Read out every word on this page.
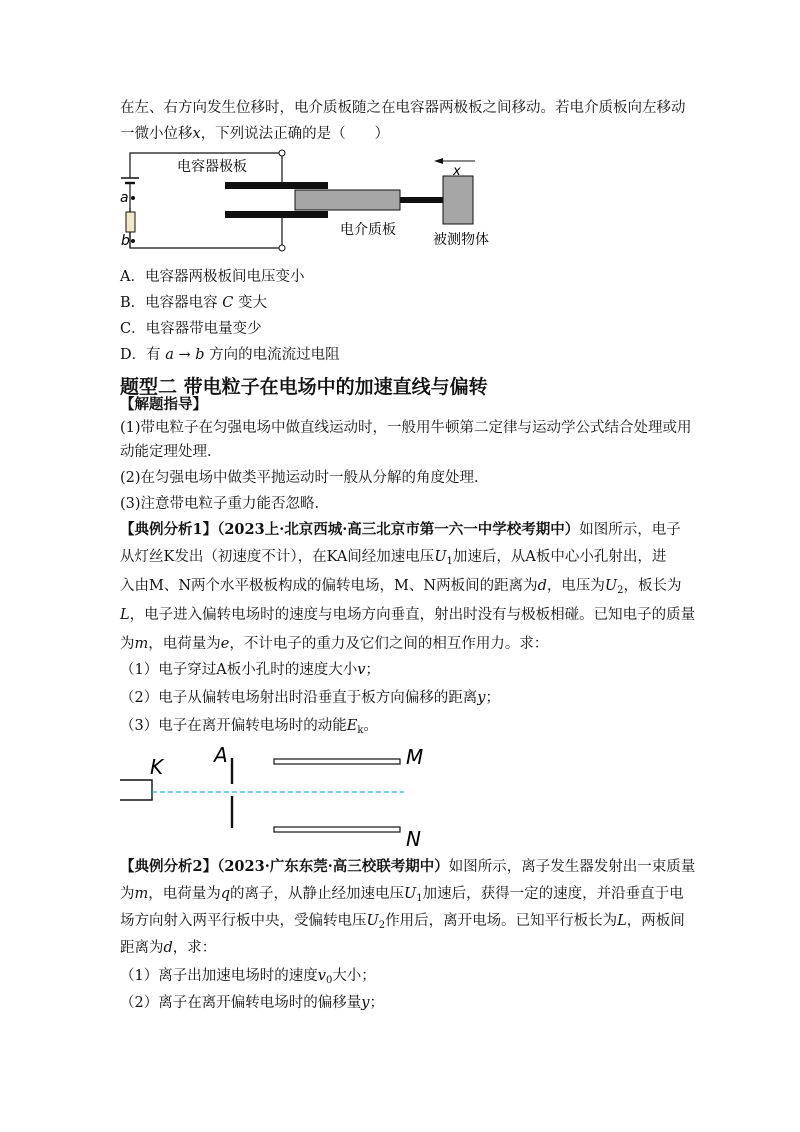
在左、右方向发生位移时，电介质板随之在电容器两极板之间移动。若电介质板向左移动
一微小位移x，下列说法正确的是（　　）
a
b
电容器极板
电介质板
被测物体
x
A．电容器两极板间电压变小
B．电容器电容 C 变大
C．电容器带电量变少
D．有 a → b 方向的电流流过电阻
题型二 带电粒子在电场中的加速直线与偏转
【解题指导】
(1)带电粒子在匀强电场中做直线运动时，一般用牛顿第二定律与运动学公式结合处理或用
动能定理处理.
(2)在匀强电场中做类平抛运动时一般从分解的角度处理.
(3)注意带电粒子重力能否忽略.
【典例分析1】（2023上·北京西城·高三北京市第一六一中学校考期中）如图所示，电子
从灯丝K发出（初速度不计），在KA间经加速电压$U_1$加速后，从A板中心小孔射出，进
入由M、N两个水平极板构成的偏转电场，M、N两板间的距离为d，电压为$U_2$，板长为
L，电子进入偏转电场时的速度与电场方向垂直，射出时没有与极板相碰。已知电子的质量
为m，电荷量为e，不计电子的重力及它们之间的相互作用力。求：
（1）电子穿过A板小孔时的速度大小v；
（2）电子从偏转电场射出时沿垂直于板方向偏移的距离y；
（3）电子在离开偏转电场时的动能$E_k$。
K	A	M
N
【典例分析2】（2023·广东东莞·高三校联考期中）如图所示，离子发生器发射出一束质量
为m，电荷量为q的离子，从静止经加速电压$U_1$加速后，获得一定的速度，并沿垂直于电
场方向射入两平行板中央，受偏转电压$U_2$作用后，离开电场。已知平行板长为L，两板间
距离为d，求：
（1）离子出加速电场时的速度$v_0$大小；
（2）离子在离开偏转电场时的偏移量y；
